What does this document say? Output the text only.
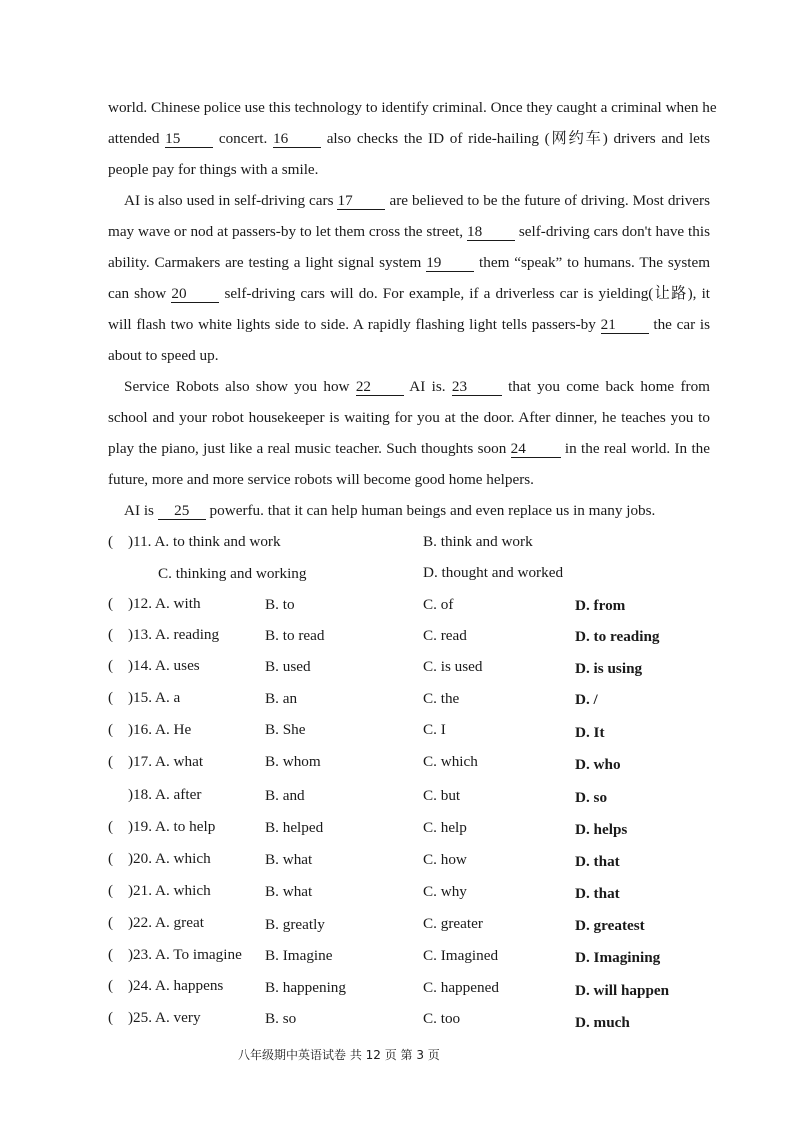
world. Chinese police use this technology to identify criminal. Once they caught a criminal when he
attended 15	concert. 16	also checks the ID of ride-hailing (网约车) drivers and lets
people pay for things with a smile.
AI is also used in self-driving cars 17 are believed to be the future of driving. Most drivers
may wave or nod at passers-by to let them cross the street, 18 self-driving cars don't have this
ability. Carmakers are testing a light signal system 19 them “speak” to humans. The system
can show 20 self-driving cars will do. For example, if a driverless car is yielding(让路), it
will flash two white lights side to side. A rapidly flashing light tells passers-by 21 the car is
about to speed up.
Service Robots also show you how 22	AI is. 23	that you come back home from
school and your robot housekeeper is waiting for you at the door. After dinner, he teaches you to
play the piano, just like a real music teacher. Such thoughts soon 24	in the real world. In the
future, more and more service robots will become good home helpers.
AI is 25 powerfu. that it can help human beings and even replace us in many jobs.
( )11. A. to think and work	B. think and work
C. thinking and working	D. thought and worked
( )12. A. with	B. to	C. of	D. from
( )13. A. reading	B. to read	C. read	D. to reading
( )14. A. uses	B. used	C. is used	D. is using
( )15. A. a	B. an	C. the	D. /
( )16. A. He	B. She	C. I	D. It
( )17. A. what	B. whom	C. which	D. who
)18. A. after	B. and	C. but	D. so
( )19. A. to help	B. helped	C. help	D. helps
( )20. A. which	B. what	C. how	D. that
( )21. A. which	B. what	C. why	D. that
( )22. A. great	B. greatly	C. greater	D. greatest
( )23. A. To imagine B. Imagine	C. Imagined	D. Imagining
( )24. A. happens	B. happening	C. happened	D. will happen
( )25. A. very	B. so	C. too	D. much
八年级期中英语试卷 共 12 页 第 3 页
